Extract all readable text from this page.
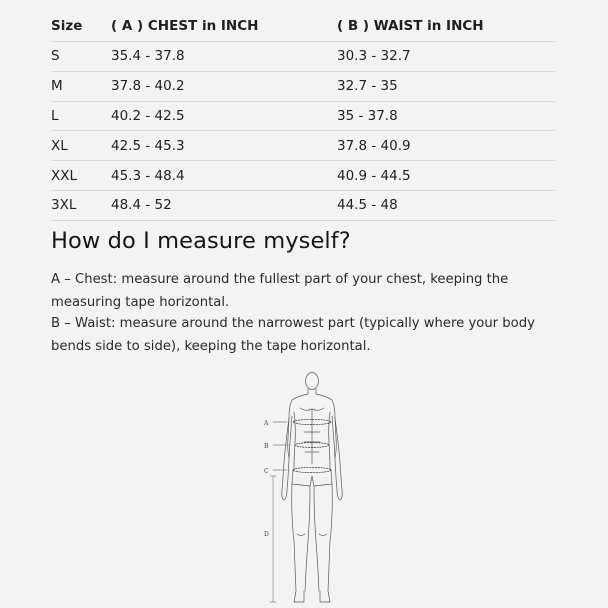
Size	( A ) CHEST in INCH	( B ) WAIST in INCH
S	35.4 - 37.8	30.3 - 32.7
M	37.8 - 40.2	32.7 - 35
L	40.2 - 42.5	35 - 37.8
XL	42.5 - 45.3	37.8 - 40.9
XXL	45.3 - 48.4	40.9 - 44.5
3XL	48.4 - 52	44.5 - 48
How do I measure myself?

A – Chest: measure around the fullest part of your chest, keeping the measuring tape horizontal.

B – Waist: measure around the narrowest part (typically where your body bends side to side), keeping the tape horizontal.

A
B
C
D
